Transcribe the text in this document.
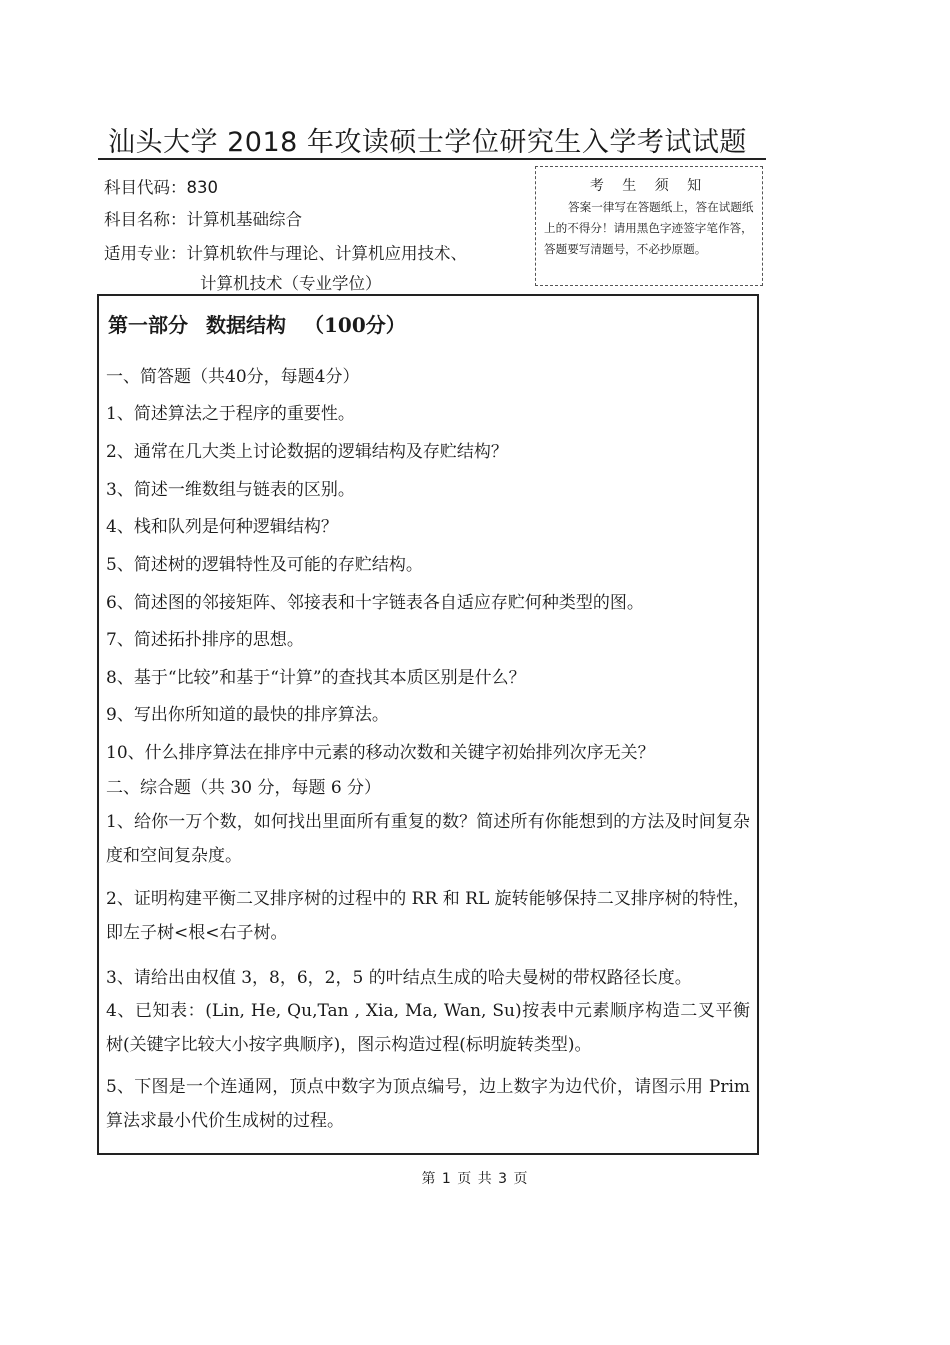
汕头大学 2018 年攻读硕士学位研究生入学考试试题
科目代码：830
科目名称：计算机基础综合
适用专业：计算机软件与理论、计算机应用技术、
计算机技术（专业学位）
考 生 须 知
答案一律写在答题纸上，答在试题纸上的不得分！请用黑色字迹签字笔作答，答题要写清题号，不必抄原题。
第一部分 数据结构 （100分）
一、简答题（共40分，每题4分）
1、简述算法之于程序的重要性。
2、通常在几大类上讨论数据的逻辑结构及存贮结构？
3、简述一维数组与链表的区别。
4、栈和队列是何种逻辑结构？
5、简述树的逻辑特性及可能的存贮结构。
6、简述图的邻接矩阵、邻接表和十字链表各自适应存贮何种类型的图。
7、简述拓扑排序的思想。
8、基于“比较”和基于“计算”的查找其本质区别是什么？
9、写出你所知道的最快的排序算法。
10、什么排序算法在排序中元素的移动次数和关键字初始排列次序无关？
二、综合题（共 30 分，每题 6 分）
1、给你一万个数，如何找出里面所有重复的数？简述所有你能想到的方法及时间复杂度和空间复杂度。
2、证明构建平衡二叉排序树的过程中的 RR 和 RL 旋转能够保持二叉排序树的特性，即左子树<根<右子树。
3、请给出由权值 3，8，6，2，5 的叶结点生成的哈夫曼树的带权路径长度。
4、已知表：(Lin, He, Qu,Tan , Xia, Ma, Wan, Su)按表中元素顺序构造二叉平衡树(关键字比较大小按字典顺序)，图示构造过程(标明旋转类型)。
5、下图是一个连通网，顶点中数字为顶点编号，边上数字为边代价，请图示用 Prim 算法求最小代价生成树的过程。
第 1 页 共 3 页
